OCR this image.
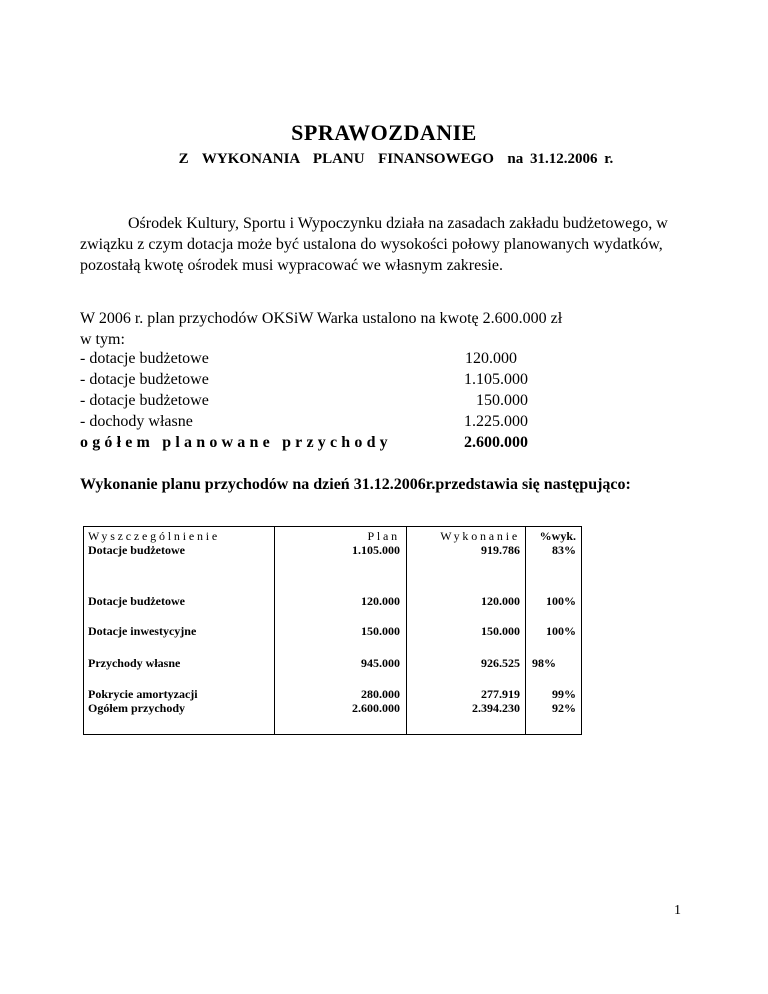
SPRAWOZDANIE
Z  WYKONANIA  PLANU  FINANSOWEGO  na 31.12.2006 r.

Ośrodek Kultury, Sportu i Wypoczynku działa na zasadach zakładu budżetowego, w związku z czym dotacja może być ustalona do wysokości połowy planowanych wydatków, pozostałą kwotę ośrodek musi wypracować we własnym zakresie.

W 2006 r. plan przychodów OKSiW Warka ustalono na kwotę 2.600.000 zł
w tym:
- dotacje budżetowe	120.000
- dotacje budżetowe	1.105.000
- dotacje budżetowe	150.000
- dochody własne	1.225.000
ogółem planowane przychody	2.600.000

Wykonanie planu przychodów na dzień 31.12.2006r.przedstawia się następująco:

Wyszczególnienie	Plan	Wykonanie	%wyk.
Dotacje budżetowe	1.105.000	919.786	83%
Dotacje budżetowe	120.000	120.000	100%
Dotacje inwestycyjne	150.000	150.000	100%
Przychody własne	945.000	926.525 98%
Pokrycie amortyzacji	280.000	277.919	99%
Ogółem przychody	2.600.000	2.394.230	92%
1
